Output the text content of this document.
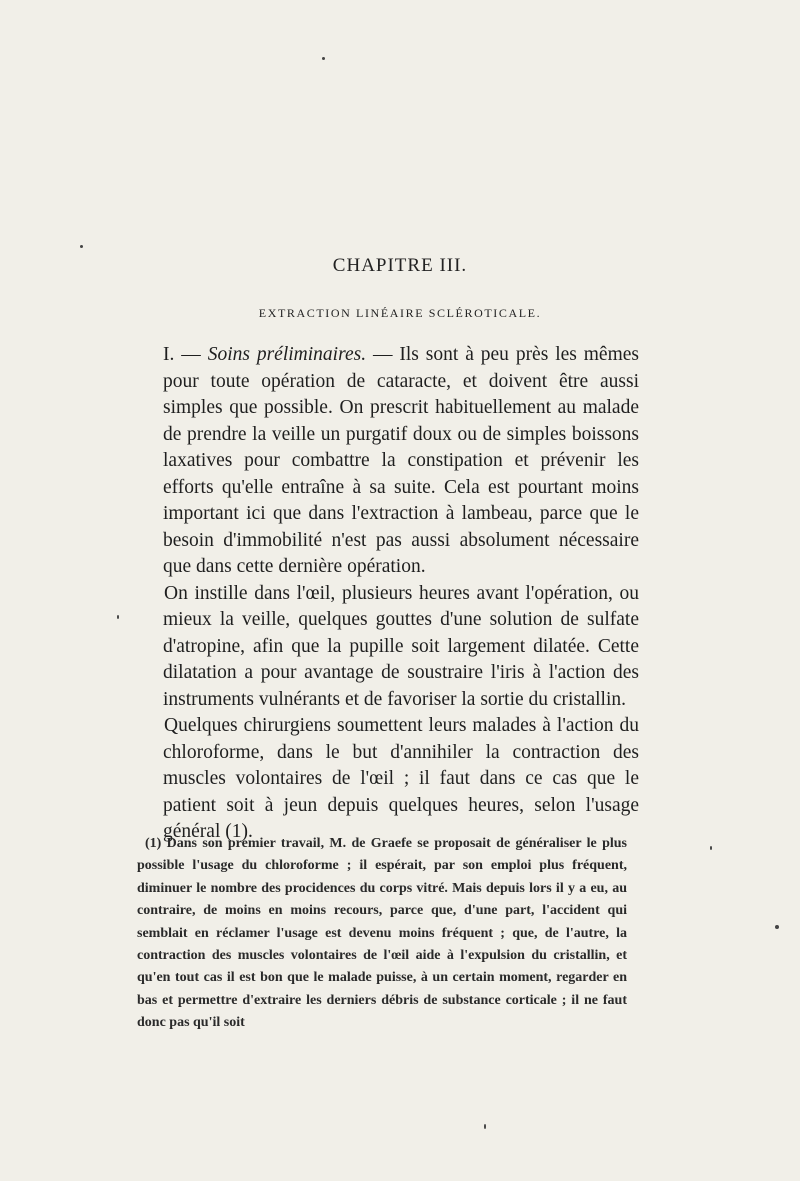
CHAPITRE III.
EXTRACTION LINÉAIRE SCLÉROTICALE.

I. — Soins préliminaires. — Ils sont à peu près les mêmes pour toute opération de cataracte, et doivent être aussi simples que possible. On prescrit habituellement au malade de prendre la veille un purgatif doux ou de simples boissons laxatives pour combattre la constipation et prévenir les efforts qu'elle entraîne à sa suite. Cela est pourtant moins important ici que dans l'extraction à lambeau, parce que le besoin d'immobilité n'est pas aussi absolument nécessaire que dans cette dernière opération.

On instille dans l'œil, plusieurs heures avant l'opération, ou mieux la veille, quelques gouttes d'une solution de sulfate d'atropine, afin que la pupille soit largement dilatée. Cette dilatation a pour avantage de soustraire l'iris à l'action des instruments vulnérants et de favoriser la sortie du cristallin.

Quelques chirurgiens soumettent leurs malades à l'action du chloroforme, dans le but d'annihiler la contraction des muscles volontaires de l'œil ; il faut dans ce cas que le patient soit à jeun depuis quelques heures, selon l'usage général (1).

(1) Dans son premier travail, M. de Graefe se proposait de généraliser le plus possible l'usage du chloroforme ; il espérait, par son emploi plus fréquent, diminuer le nombre des procidences du corps vitré. Mais depuis lors il y a eu, au contraire, de moins en moins recours, parce que, d'une part, l'accident qui semblait en réclamer l'usage est devenu moins fréquent ; que, de l'autre, la contraction des muscles volontaires de l'œil aide à l'expulsion du cristallin, et qu'en tout cas il est bon que le malade puisse, à un certain moment, regarder en bas et permettre d'extraire les derniers débris de substance corticale ; il ne faut donc pas qu'il soit
